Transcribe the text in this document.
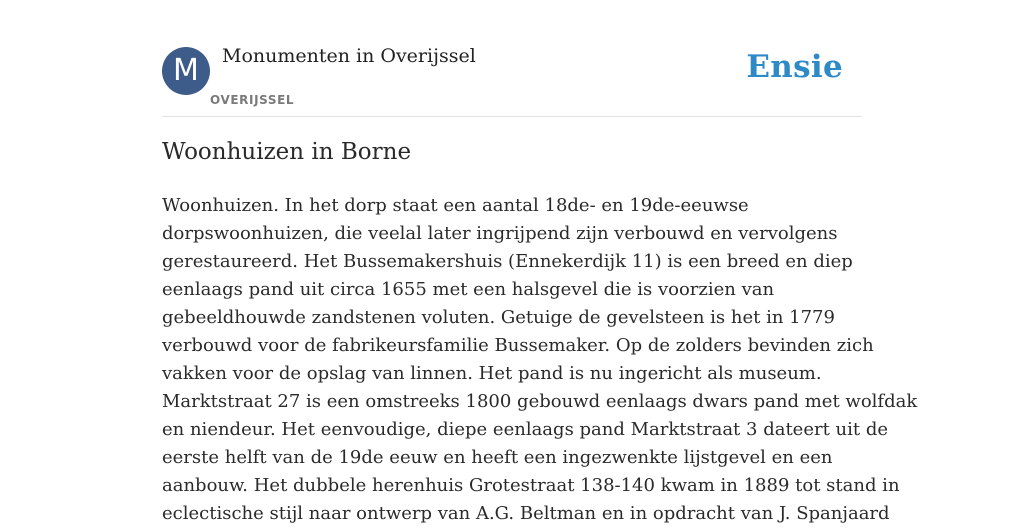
M	Monumenten in Overijssel
OVERIJSSEL
Ensie
Woonhuizen in Borne
Woonhuizen. In het dorp staat een aantal 18de- en 19de-eeuwse
dorpswoonhuizen, die veelal later ingrijpend zijn verbouwd en vervolgens
gerestaureerd. Het Bussemakershuis (Ennekerdijk 11) is een breed en diep
eenlaags pand uit circa 1655 met een halsgevel die is voorzien van
gebeeldhouwde zandstenen voluten. Getuige de gevelsteen is het in 1779
verbouwd voor de fabrikeursfamilie Bussemaker. Op de zolders bevinden zich
vakken voor de opslag van linnen. Het pand is nu ingericht als museum.
Marktstraat 27 is een omstreeks 1800 gebouwd eenlaags dwars pand met wolfdak
en niendeur. Het eenvoudige, diepe eenlaags pand Marktstraat 3 dateert uit de
eerste helft van de 19de eeuw en heeft een ingezwenkte lijstgevel en een
aanbouw. Het dubbele herenhuis Grotestraat 138-140 kwam in 1889 tot stand in
eclectische stijl naar ontwerp van A.G. Beltman en in opdracht van J. Spanjaard
